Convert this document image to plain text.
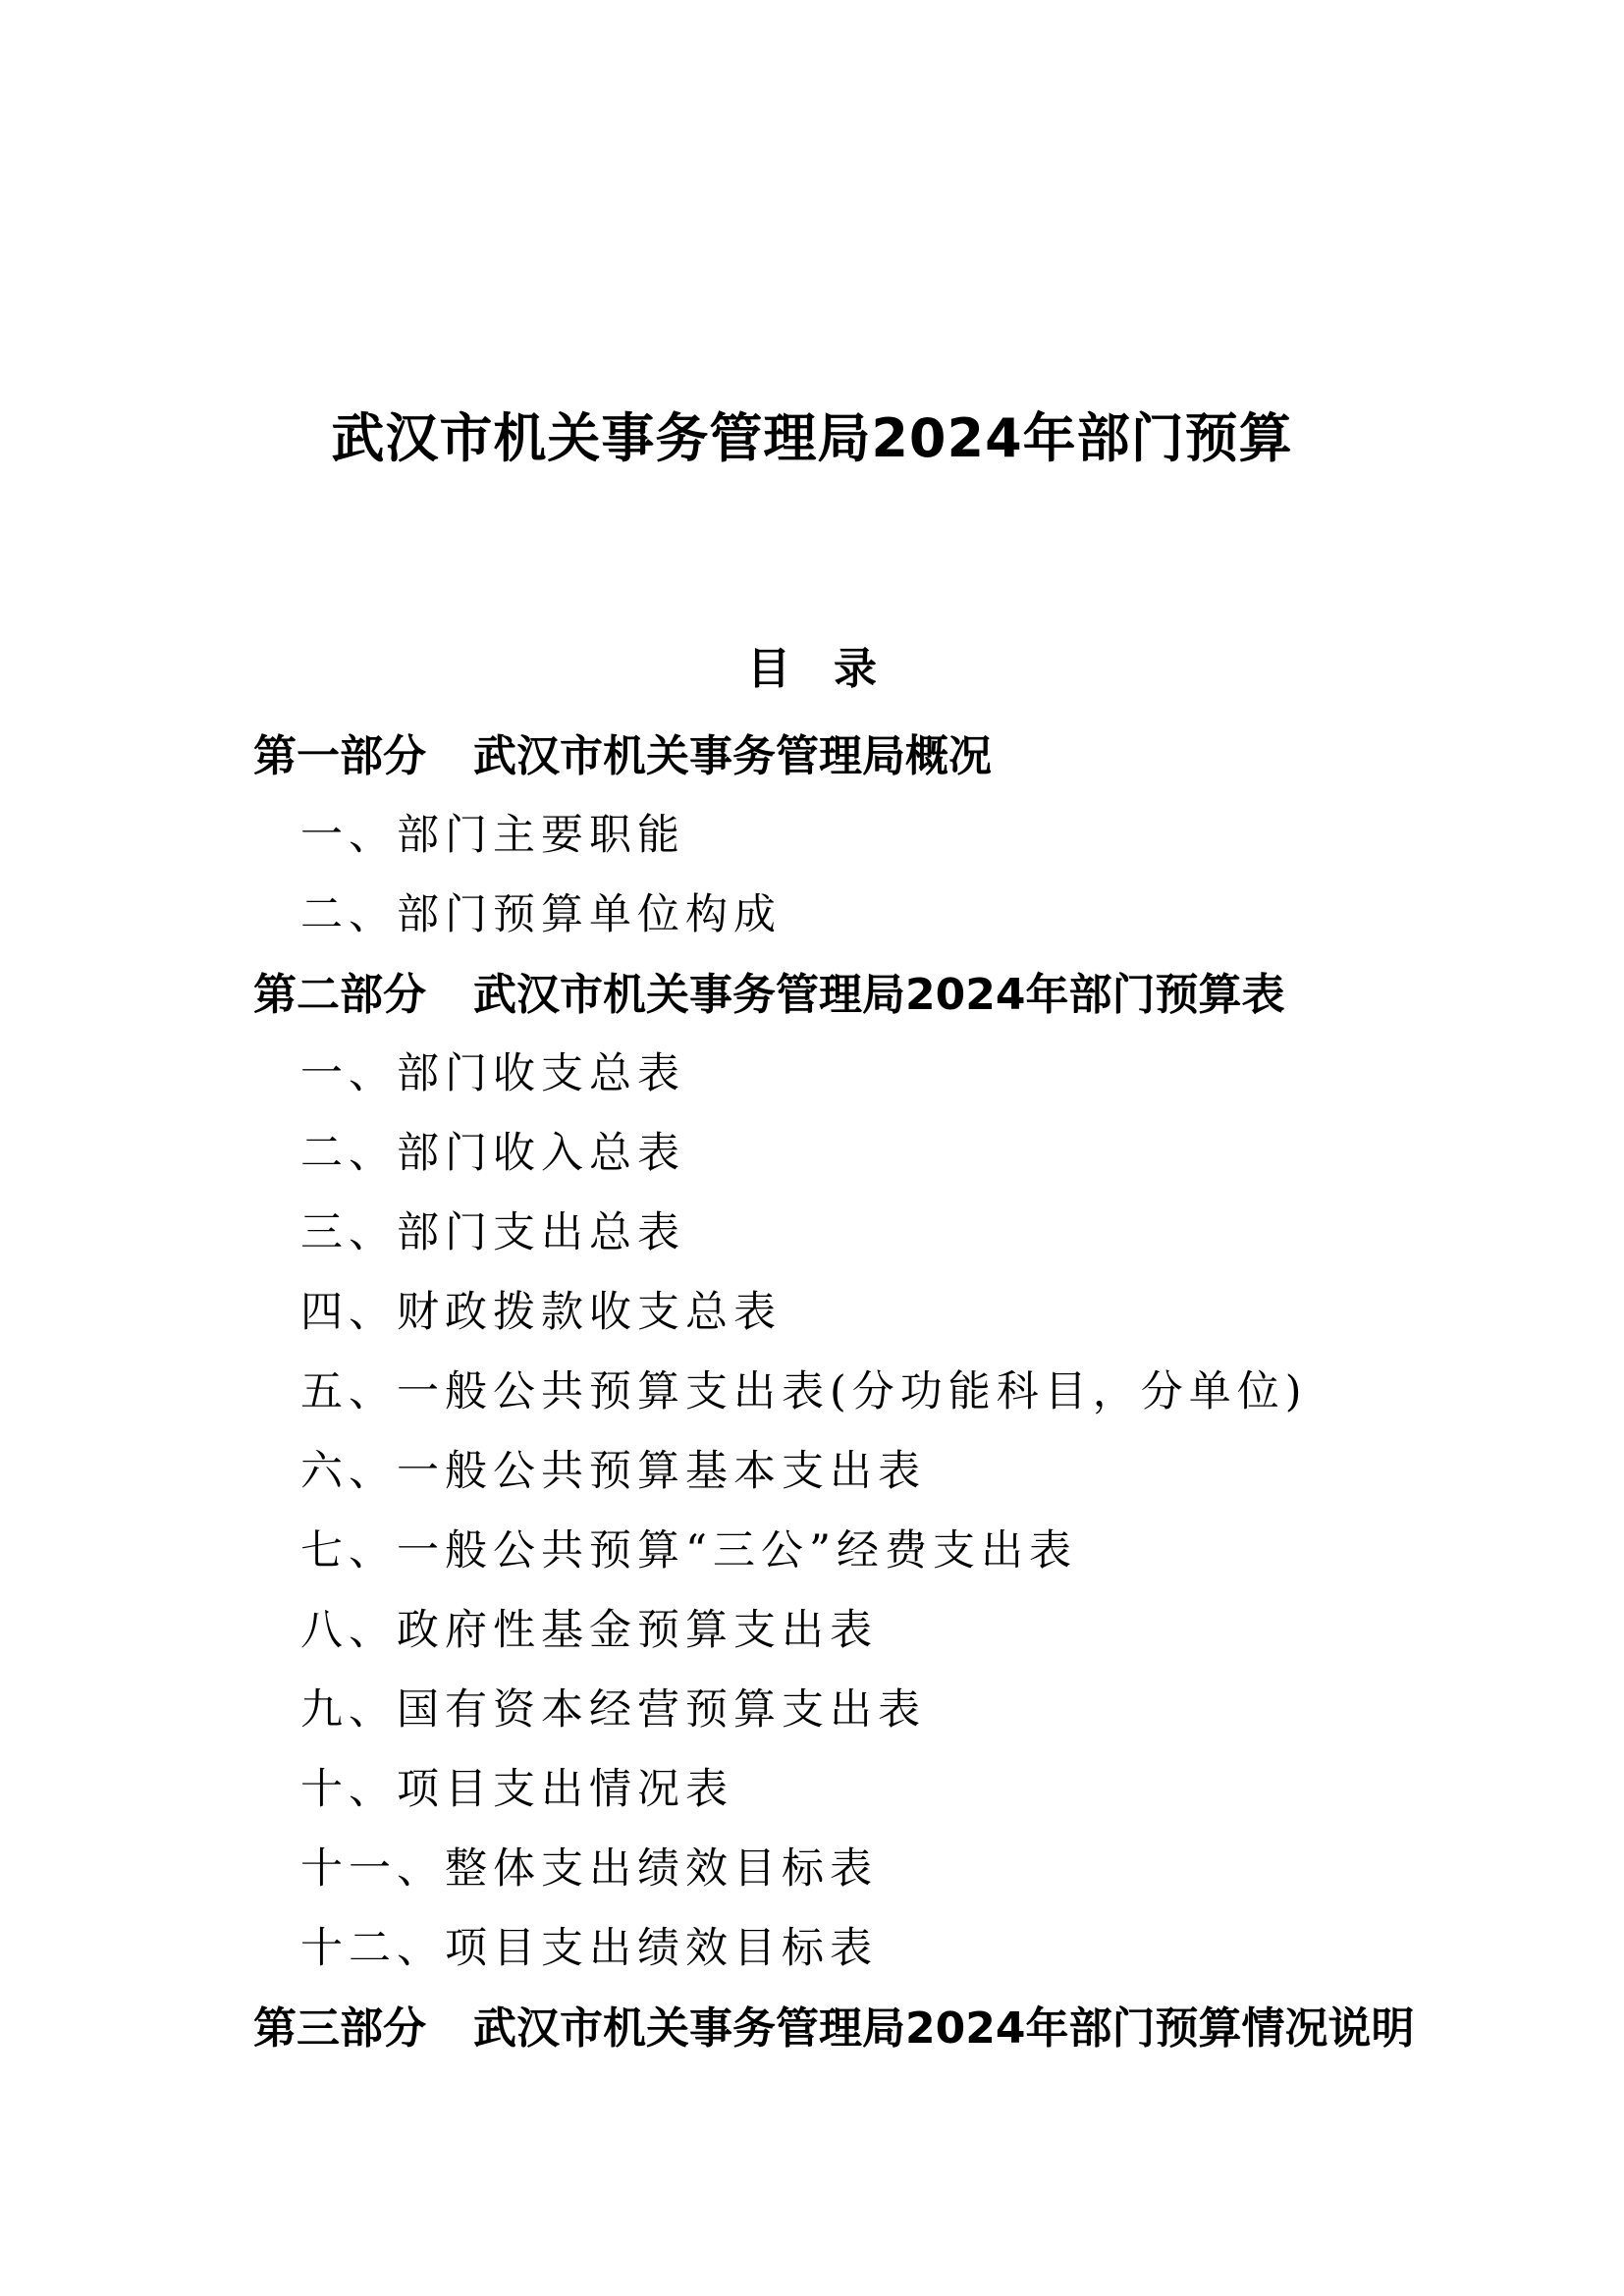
武汉市机关事务管理局2024年部门预算
目　录
第一部分 武汉市机关事务管理局概况
一、部门主要职能
二、部门预算单位构成
第二部分 武汉市机关事务管理局2024年部门预算表
一、部门收支总表
二、部门收入总表
三、部门支出总表
四、财政拨款收支总表
五、一般公共预算支出表(分功能科目，分单位)
六、一般公共预算基本支出表
七、一般公共预算“三公”经费支出表
八、政府性基金预算支出表
九、国有资本经营预算支出表
十、项目支出情况表
十一、整体支出绩效目标表
十二、项目支出绩效目标表
第三部分 武汉市机关事务管理局2024年部门预算情况说明
